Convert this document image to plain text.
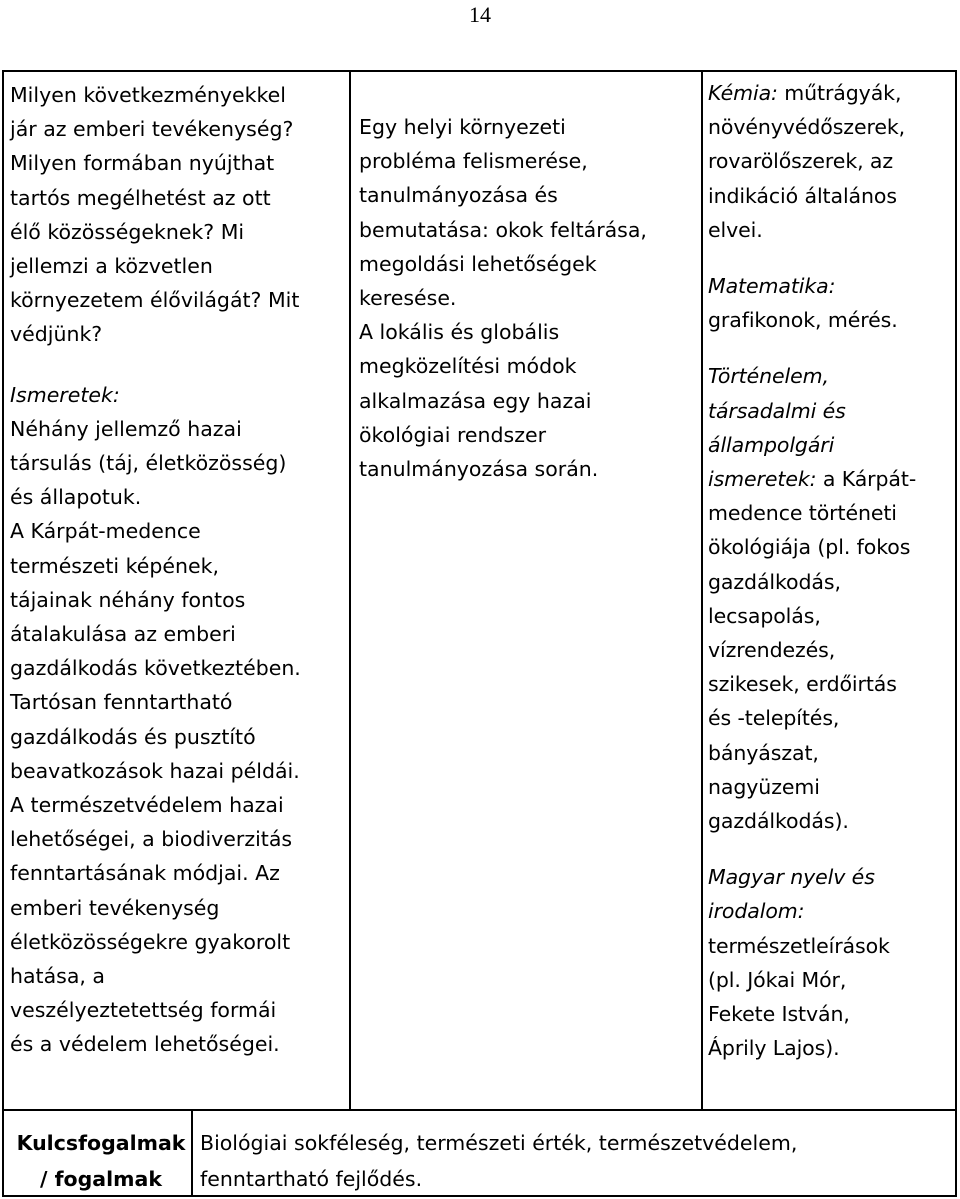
14

Milyen következményekkel

jár az emberi tevékenység?

Milyen formában nyújthat

tartós megélhetést az ott

élő közösségeknek? Mi

jellemzi a közvetlen

környezetem élővilágát? Mit

védjünk?

Ismeretek:

Néhány jellemző hazai

társulás (táj, életközösség)

és állapotuk.

A Kárpát-medence

természeti képének,

tájainak néhány fontos

átalakulása az emberi

gazdálkodás következtében.

Tartósan fenntartható

gazdálkodás és pusztító

beavatkozások hazai példái.

A természetvédelem hazai

lehetőségei, a biodiverzitás

fenntartásának módjai. Az

emberi tevékenység

életközösségekre gyakorolt

hatása, a

veszélyeztetettség formái

és a védelem lehetőségei.

Egy helyi környezeti

probléma felismerése,

tanulmányozása és

bemutatása: okok feltárása,

megoldási lehetőségek

keresése.

A lokális és globális

megközelítési módok

alkalmazása egy hazai

ökológiai rendszer

tanulmányozása során.

Kémia: műtrágyák,

növényvédőszerek,

rovarölőszerek, az

indikáció általános

elvei.

Matematika:

grafikonok, mérés.

Történelem,

társadalmi és

állampolgári

ismeretek: a Kárpát-

medence történeti

ökológiája (pl. fokos

gazdálkodás,

lecsapolás,

vízrendezés,

szikesek, erdőirtás

és -telepítés,

bányászat,

nagyüzemi

gazdálkodás).

Magyar nyelv és

irodalom:

természetleírások

(pl. Jókai Mór,

Fekete István,

Áprily Lajos).

Kulcsfogalmak

/ fogalmak

Biológiai sokféleség, természeti érték, természetvédelem,

fenntartható fejlődés.
